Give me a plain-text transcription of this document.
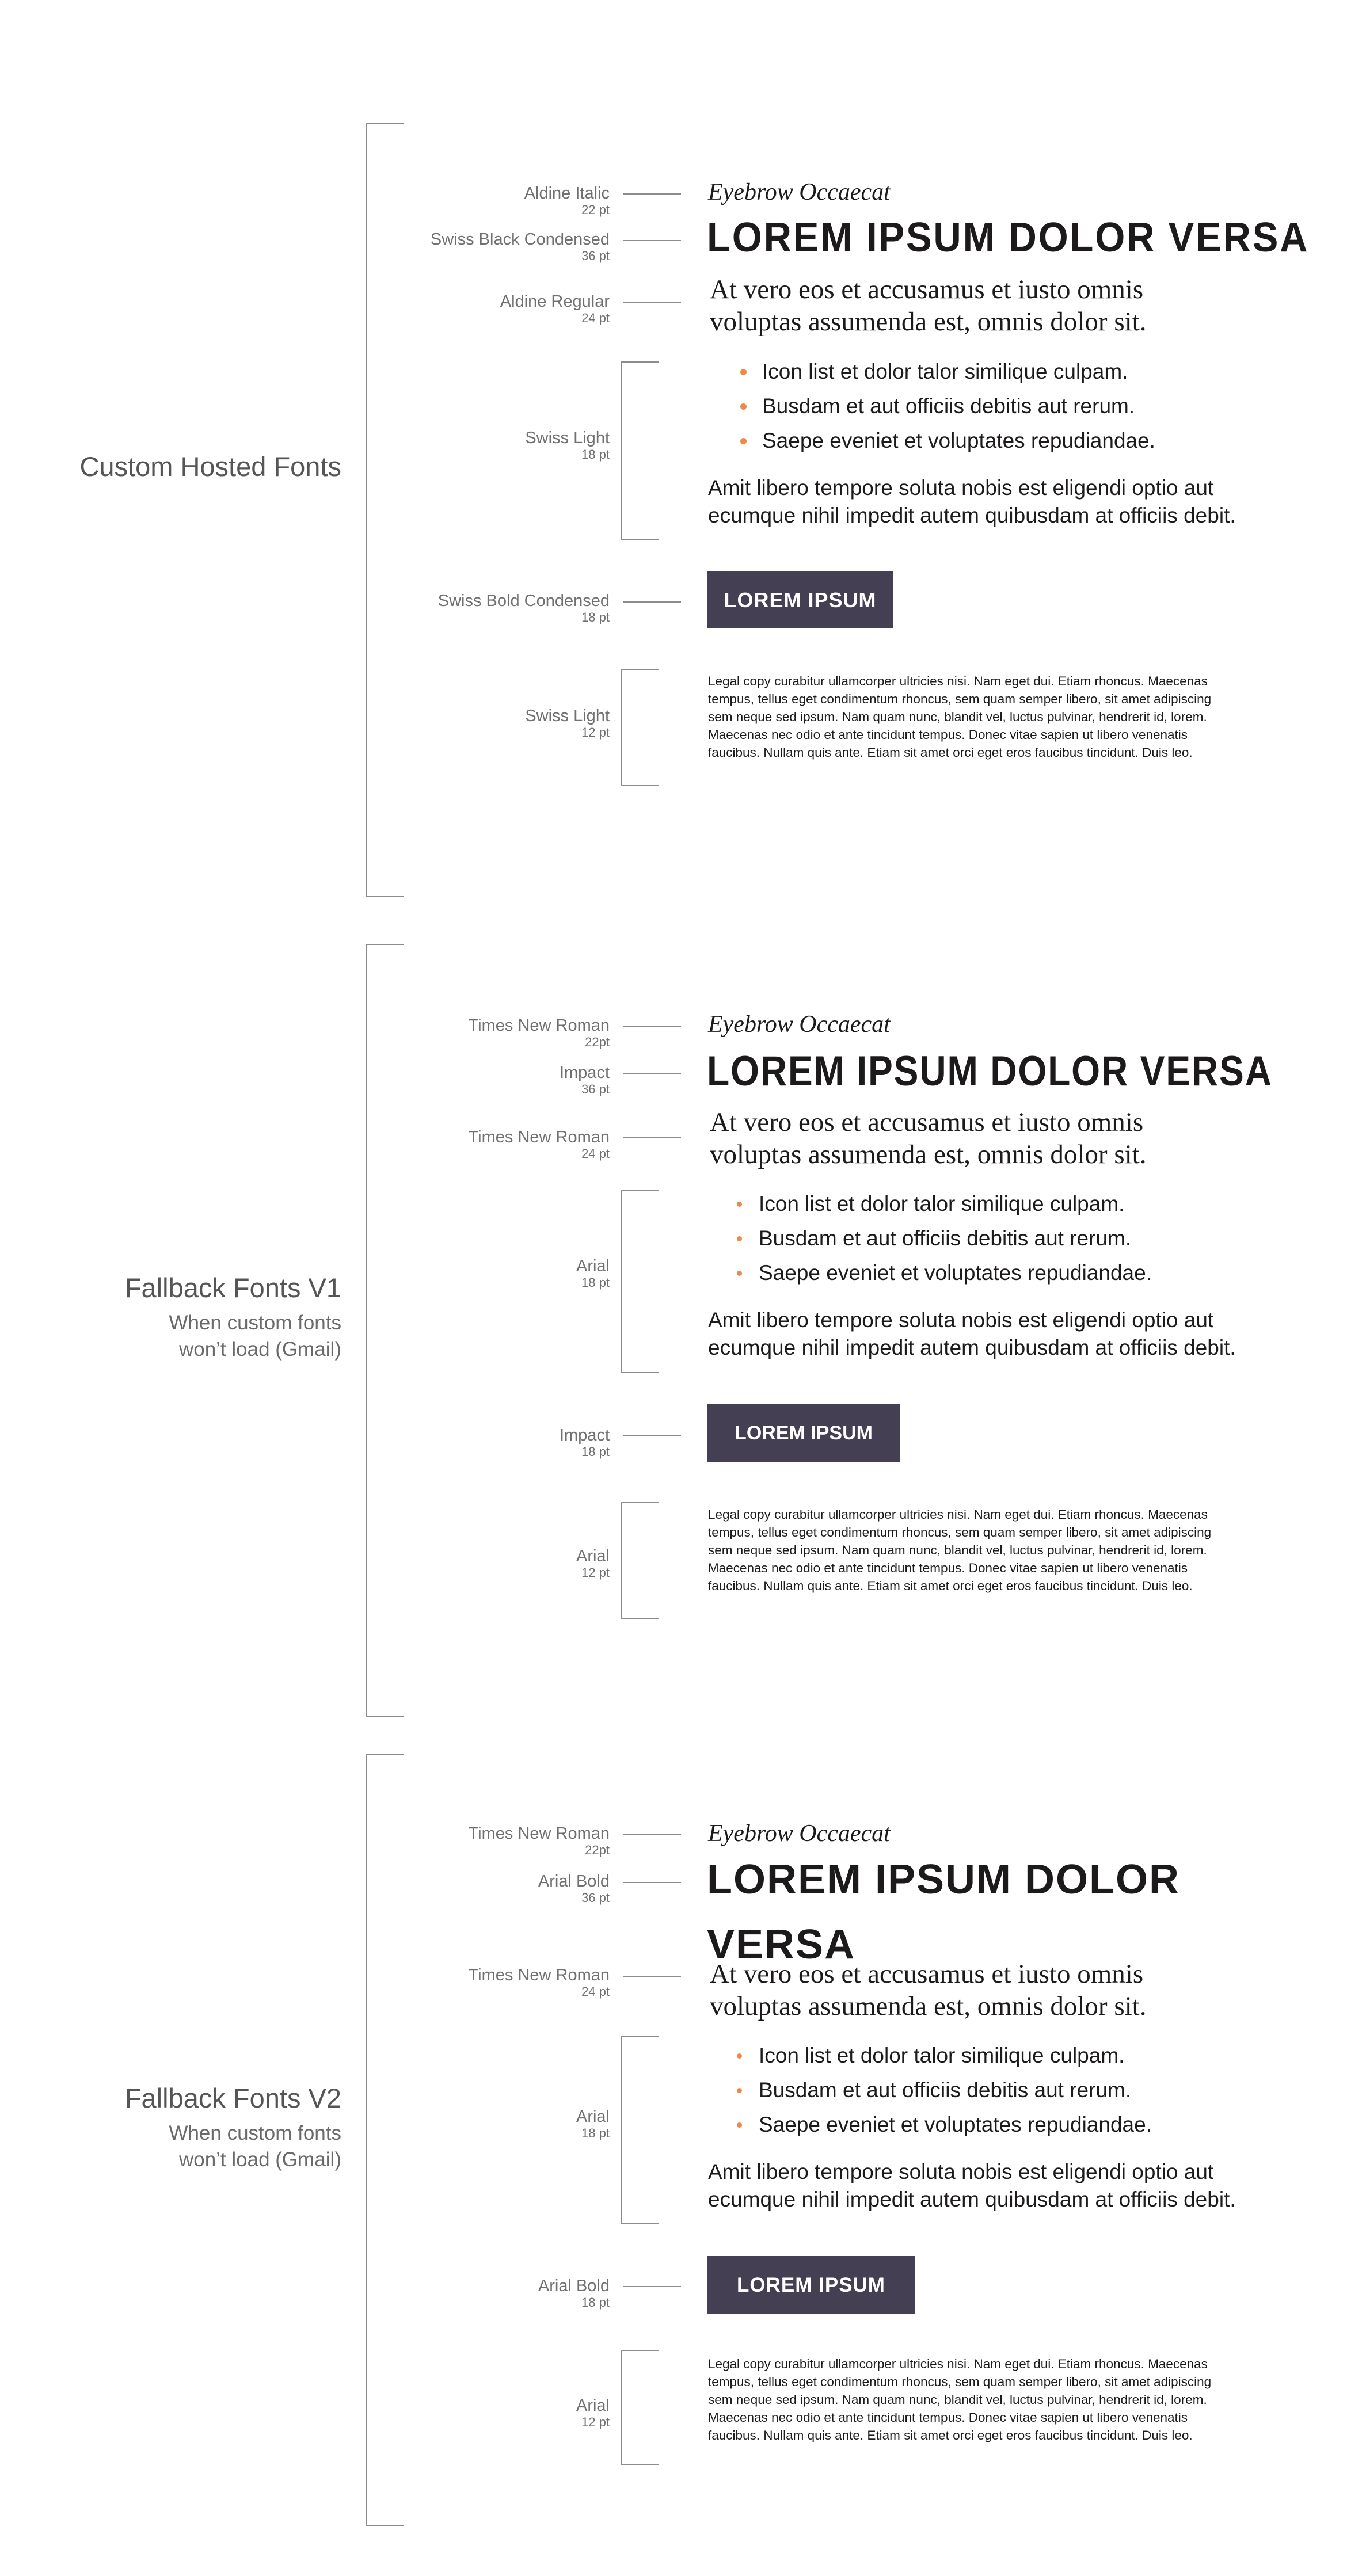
Custom Hosted Fonts
Aldine Italic
22 pt
Swiss Black Condensed
36 pt
Aldine Regular
24 pt
Swiss Light
18 pt
Swiss Bold Condensed
18 pt
Swiss Light
12 pt
Eyebrow Occaecat
LOREM IPSUM DOLOR VERSA
At vero eos et accusamus et iusto omnis
voluptas assumenda est, omnis dolor sit.
Icon list et dolor talor similique culpam.
Busdam et aut officiis debitis aut rerum.
Saepe eveniet et voluptates repudiandae.
Amit libero tempore soluta nobis est eligendi optio aut
ecumque nihil impedit autem quibusdam at officiis debit.
LOREM IPSUM
Legal copy curabitur ullamcorper ultricies nisi. Nam eget dui. Etiam rhoncus. Maecenas
tempus, tellus eget condimentum rhoncus, sem quam semper libero, sit amet adipiscing
sem neque sed ipsum. Nam quam nunc, blandit vel, luctus pulvinar, hendrerit id, lorem.
Maecenas nec odio et ante tincidunt tempus. Donec vitae sapien ut libero venenatis
faucibus. Nullam quis ante. Etiam sit amet orci eget eros faucibus tincidunt. Duis leo.
Fallback Fonts V1
When custom fonts
won’t load (Gmail)
Times New Roman
22pt
Impact
36 pt
Times New Roman
24 pt
Arial
18 pt
Impact
18 pt
Arial
12 pt
Eyebrow Occaecat
LOREM IPSUM DOLOR VERSA
At vero eos et accusamus et iusto omnis
voluptas assumenda est, omnis dolor sit.
Icon list et dolor talor similique culpam.
Busdam et aut officiis debitis aut rerum.
Saepe eveniet et voluptates repudiandae.
Amit libero tempore soluta nobis est eligendi optio aut
ecumque nihil impedit autem quibusdam at officiis debit.
LOREM IPSUM
Legal copy curabitur ullamcorper ultricies nisi. Nam eget dui. Etiam rhoncus. Maecenas
tempus, tellus eget condimentum rhoncus, sem quam semper libero, sit amet adipiscing
sem neque sed ipsum. Nam quam nunc, blandit vel, luctus pulvinar, hendrerit id, lorem.
Maecenas nec odio et ante tincidunt tempus. Donec vitae sapien ut libero venenatis
faucibus. Nullam quis ante. Etiam sit amet orci eget eros faucibus tincidunt. Duis leo.
Fallback Fonts V2
When custom fonts
won’t load (Gmail)
Times New Roman
22pt
Arial Bold
36 pt
Times New Roman
24 pt
Arial
18 pt
Arial Bold
18 pt
Arial
12 pt
Eyebrow Occaecat
LOREM IPSUM DOLOR VERSA
At vero eos et accusamus et iusto omnis
voluptas assumenda est, omnis dolor sit.
Icon list et dolor talor similique culpam.
Busdam et aut officiis debitis aut rerum.
Saepe eveniet et voluptates repudiandae.
Amit libero tempore soluta nobis est eligendi optio aut
ecumque nihil impedit autem quibusdam at officiis debit.
LOREM IPSUM
Legal copy curabitur ullamcorper ultricies nisi. Nam eget dui. Etiam rhoncus. Maecenas
tempus, tellus eget condimentum rhoncus, sem quam semper libero, sit amet adipiscing
sem neque sed ipsum. Nam quam nunc, blandit vel, luctus pulvinar, hendrerit id, lorem.
Maecenas nec odio et ante tincidunt tempus. Donec vitae sapien ut libero venenatis
faucibus. Nullam quis ante. Etiam sit amet orci eget eros faucibus tincidunt. Duis leo.
